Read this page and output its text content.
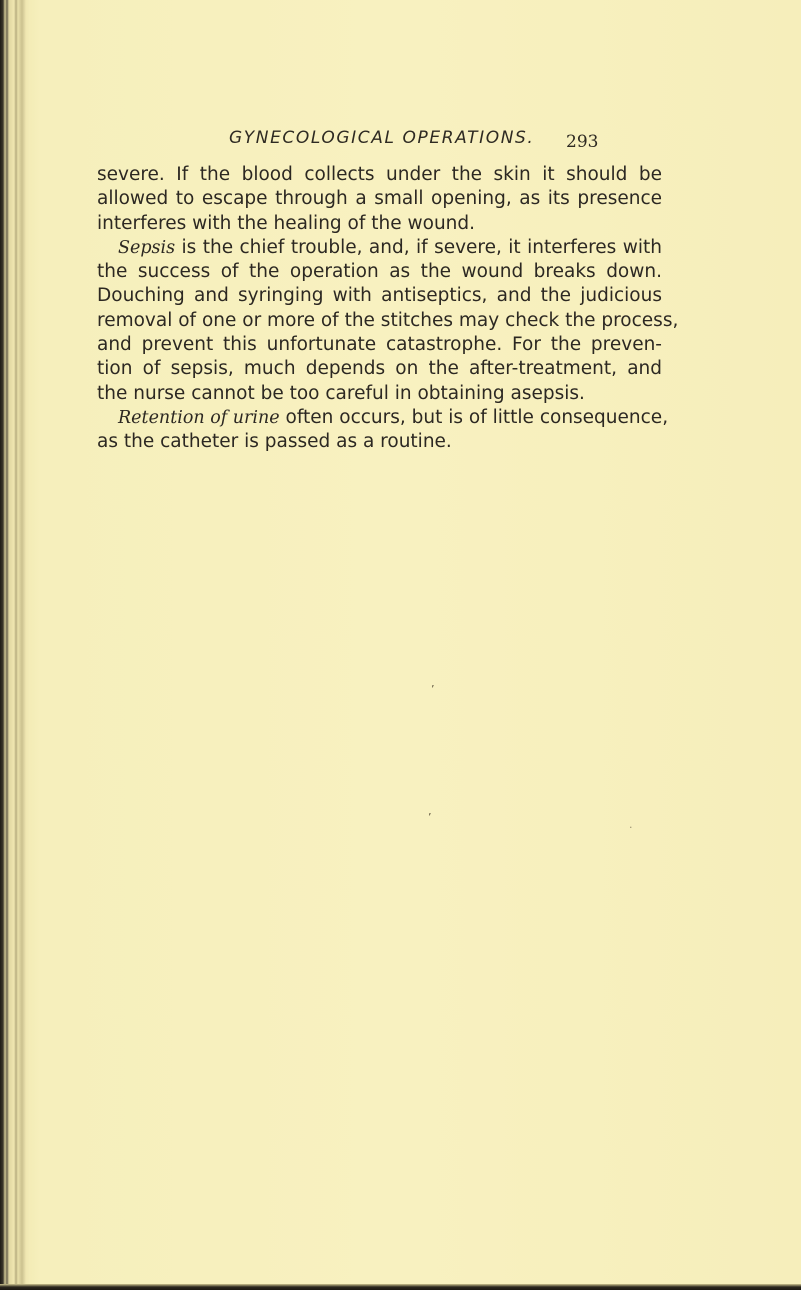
GYNECOLOGICAL OPERATIONS. 293
severe. If the blood collects under the skin it should be
allowed to escape through a small opening, as its presence
interferes with the healing of the wound.
Sepsis is the chief trouble, and, if severe, it interferes with
the success of the operation as the wound breaks down.
Douching and syringing with antiseptics, and the judicious
removal of one or more of the stitches may check the process,
and prevent this unfortunate catastrophe. For the preven-
tion of sepsis, much depends on the after-treatment, and
the nurse cannot be too careful in obtaining asepsis.
Retention of urine often occurs, but is of little consequence,
as the catheter is passed as a routine.
’
’
·
